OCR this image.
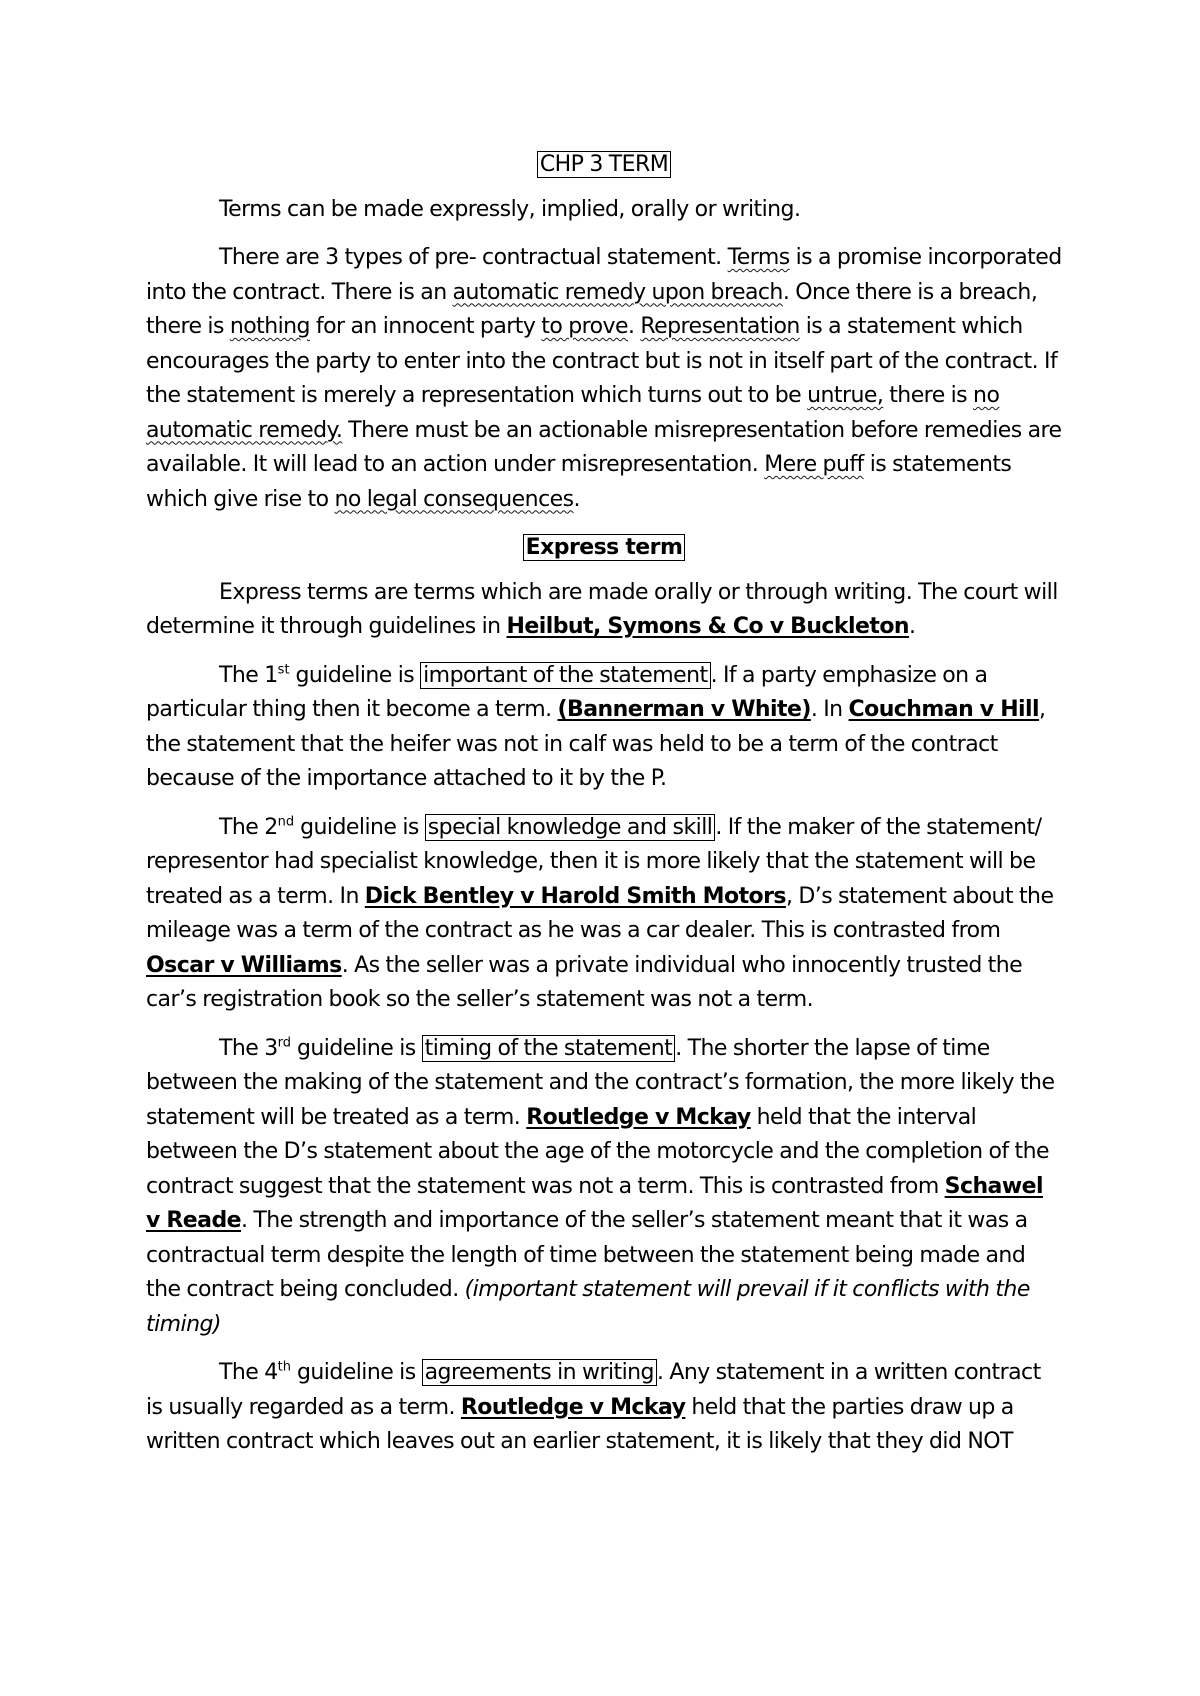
CHP 3 TERM

Terms can be made expressly, implied, orally or writing.

There are 3 types of pre- contractual statement. Terms is a promise incorporated into the contract. There is an automatic remedy upon breach. Once there is a breach, there is nothing for an innocent party to prove. Representation is a statement which encourages the party to enter into the contract but is not in itself part of the contract. If the statement is merely a representation which turns out to be untrue, there is no automatic remedy. There must be an actionable misrepresentation before remedies are available. It will lead to an action under misrepresentation. Mere puff is statements which give rise to no legal consequences.

Express term

Express terms are terms which are made orally or through writing. The court will determine it through guidelines in Heilbut, Symons & Co v Buckleton.

The 1st guideline is important of the statement . If a party emphasize on a particular thing then it become a term. (Bannerman v White). In Couchman v Hill, the statement that the heifer was not in calf was held to be a term of the contract because of the importance attached to it by the P.

The 2nd guideline is special knowledge and skill . If the maker of the statement/ representor had specialist knowledge, then it is more likely that the statement will be treated as a term. In Dick Bentley v Harold Smith Motors, D’s statement about the mileage was a term of the contract as he was a car dealer. This is contrasted from Oscar v Williams. As the seller was a private individual who innocently trusted the car’s registration book so the seller’s statement was not a term.

The 3rd guideline is timing of the statement . The shorter the lapse of time between the making of the statement and the contract’s formation, the more likely the statement will be treated as a term. Routledge v Mckay held that the interval between the D’s statement about the age of the motorcycle and the completion of the contract suggest that the statement was not a term. This is contrasted from Schawel v Reade. The strength and importance of the seller’s statement meant that it was a contractual term despite the length of time between the statement being made and the contract being concluded. (important statement will prevail if it conflicts with the timing)

The 4th guideline is agreements in writing . Any statement in a written contract is usually regarded as a term. Routledge v Mckay held that the parties draw up a written contract which leaves out an earlier statement, it is likely that they did NOT
